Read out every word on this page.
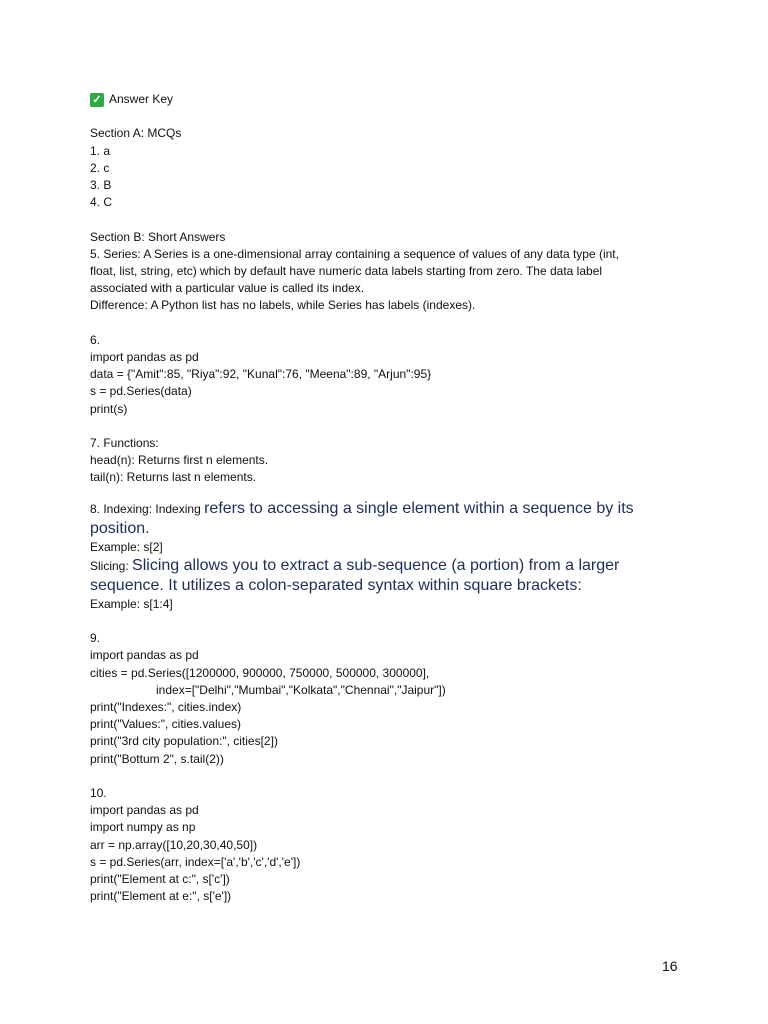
✓ Answer Key
Section A: MCQs
1. a
2. c
3. B
4. C
Section B: Short Answers
5. Series: A Series is a one-dimensional array containing a sequence of values of any data type (int,
float, list, string, etc) which by default have numeric data labels starting from zero. The data label
associated with a particular value is called its index.
Difference: A Python list has no labels, while Series has labels (indexes).
6.
import pandas as pd
data = {"Amit":85, "Riya":92, "Kunal":76, "Meena":89, "Arjun":95}
s = pd.Series(data)
print(s)
7. Functions:
head(n): Returns first n elements.
tail(n): Returns last n elements.
8. Indexing: Indexing refers to accessing a single element within a sequence by its position.
Example: s[2]
Slicing: Slicing allows you to extract a sub-sequence (a portion) from a larger sequence. It utilizes a colon-separated syntax within square brackets:
Example: s[1:4]
9.
import pandas as pd
cities = pd.Series([1200000, 900000, 750000, 500000, 300000],
index=["Delhi","Mumbai","Kolkata","Chennai","Jaipur"])
print("Indexes:", cities.index)
print("Values:", cities.values)
print("3rd city population:", cities[2])
print("Bottum 2", s.tail(2))
10.
import pandas as pd
import numpy as np
arr = np.array([10,20,30,40,50])
s = pd.Series(arr, index=['a','b','c','d','e'])
print("Element at c:", s['c'])
print("Element at e:", s['e'])
16
